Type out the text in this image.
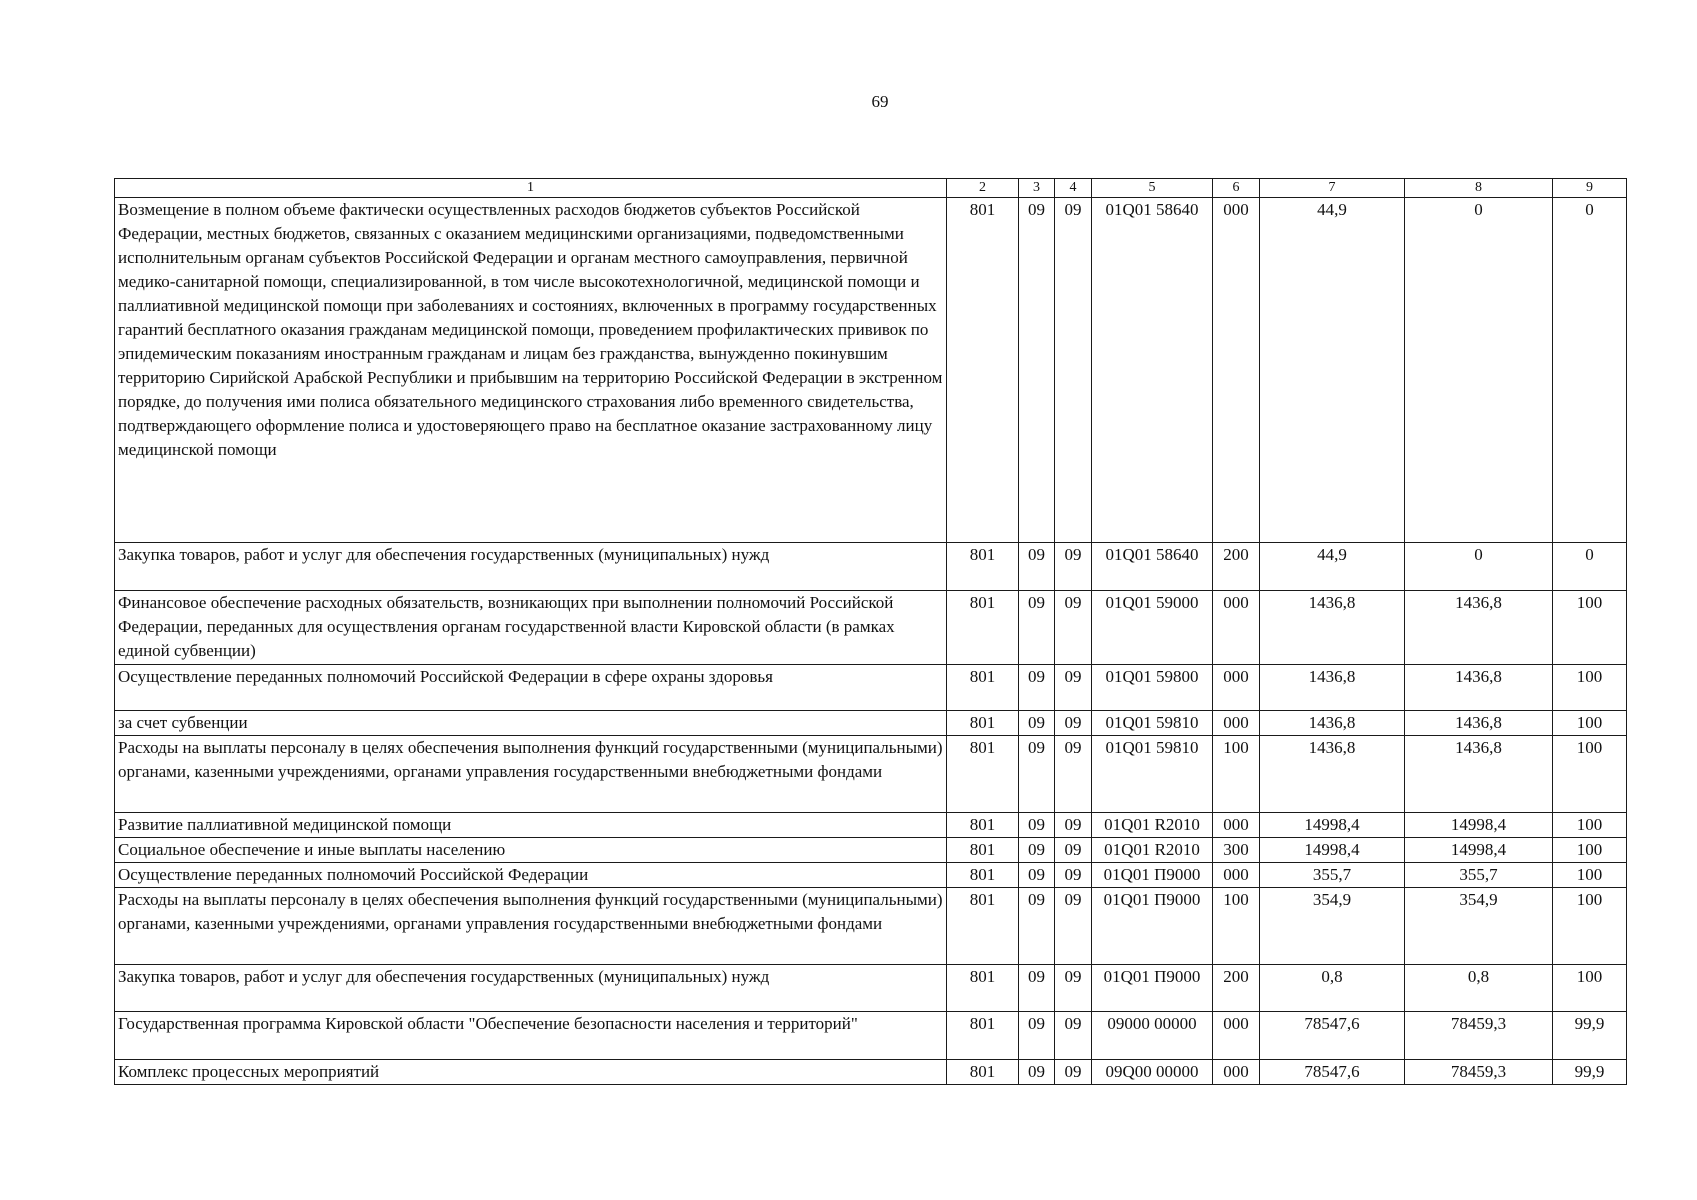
69
1	2	3	4	5	6	7	8	9
Возмещение в полном объеме фактически осуществленных расходов бюджетов субъектов Российской Федерации, местных бюджетов, связанных с оказанием медицинскими организациями, подведомственными исполнительным органам субъектов Российской Федерации и органам местного самоуправления, первичной медико-санитарной помощи, специализированной, в том числе высокотехнологичной, медицинской помощи и паллиативной медицинской помощи при заболеваниях и состояниях, включенных в программу государственных гарантий бесплатного оказания гражданам медицинской помощи, проведением профилактических прививок по эпидемическим показаниям иностранным гражданам и лицам без гражданства, вынужденно покинувшим территорию Сирийской Арабской Республики и прибывшим на территорию Российской Федерации в экстренном порядке, до получения ими полиса обязательного медицинского страхования либо временного свидетельства, подтверждающего оформление полиса и удостоверяющего право на бесплатное оказание застрахованному лицу медицинской помощи	801	09	09	01Q01 58640	000	44,9	0	0
Закупка товаров, работ и услуг для обеспечения государственных (муниципальных) нужд	801	09	09	01Q01 58640	200	44,9	0	0
Финансовое обеспечение расходных обязательств, возникающих при выполнении полномочий Российской Федерации, переданных для осуществления органам государственной власти Кировской области (в рамках единой субвенции)	801	09	09	01Q01 59000	000	1436,8	1436,8	100
Осуществление переданных полномочий Российской Федерации в сфере охраны здоровья	801	09	09	01Q01 59800	000	1436,8	1436,8	100
за счет субвенции	801	09	09	01Q01 59810	000	1436,8	1436,8	100
Расходы на выплаты персоналу в целях обеспечения выполнения функций государственными (муниципальными) органами, казенными учреждениями, органами управления государственными внебюджетными фондами	801	09	09	01Q01 59810	100	1436,8	1436,8	100
Развитие паллиативной медицинской помощи	801	09	09	01Q01 R2010	000	14998,4	14998,4	100
Социальное обеспечение и иные выплаты населению	801	09	09	01Q01 R2010	300	14998,4	14998,4	100
Осуществление переданных полномочий Российской Федерации	801	09	09	01Q01 П9000	000	355,7	355,7	100
Расходы на выплаты персоналу в целях обеспечения выполнения функций государственными (муниципальными) органами, казенными учреждениями, органами управления государственными внебюджетными фондами	801	09	09	01Q01 П9000	100	354,9	354,9	100
Закупка товаров, работ и услуг для обеспечения государственных (муниципальных) нужд	801	09	09	01Q01 П9000	200	0,8	0,8	100
Государственная программа Кировской области "Обеспечение безопасности населения и территорий"	801	09	09	09000 00000	000	78547,6	78459,3	99,9
Комплекс процессных мероприятий	801	09	09	09Q00 00000	000	78547,6	78459,3	99,9
